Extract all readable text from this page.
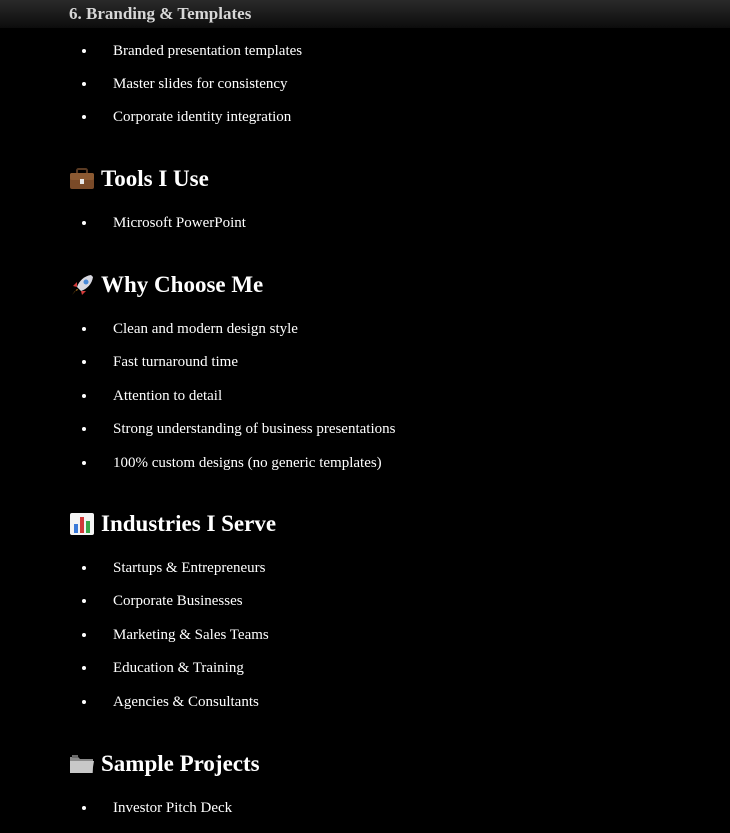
6. Branding & Templates
Branded presentation templates
Master slides for consistency
Corporate identity integration
Tools I Use
Microsoft PowerPoint
Why Choose Me
Clean and modern design style
Fast turnaround time
Attention to detail
Strong understanding of business presentations
100% custom designs (no generic templates)
Industries I Serve
Startups & Entrepreneurs
Corporate Businesses
Marketing & Sales Teams
Education & Training
Agencies & Consultants
Sample Projects
Investor Pitch Deck
